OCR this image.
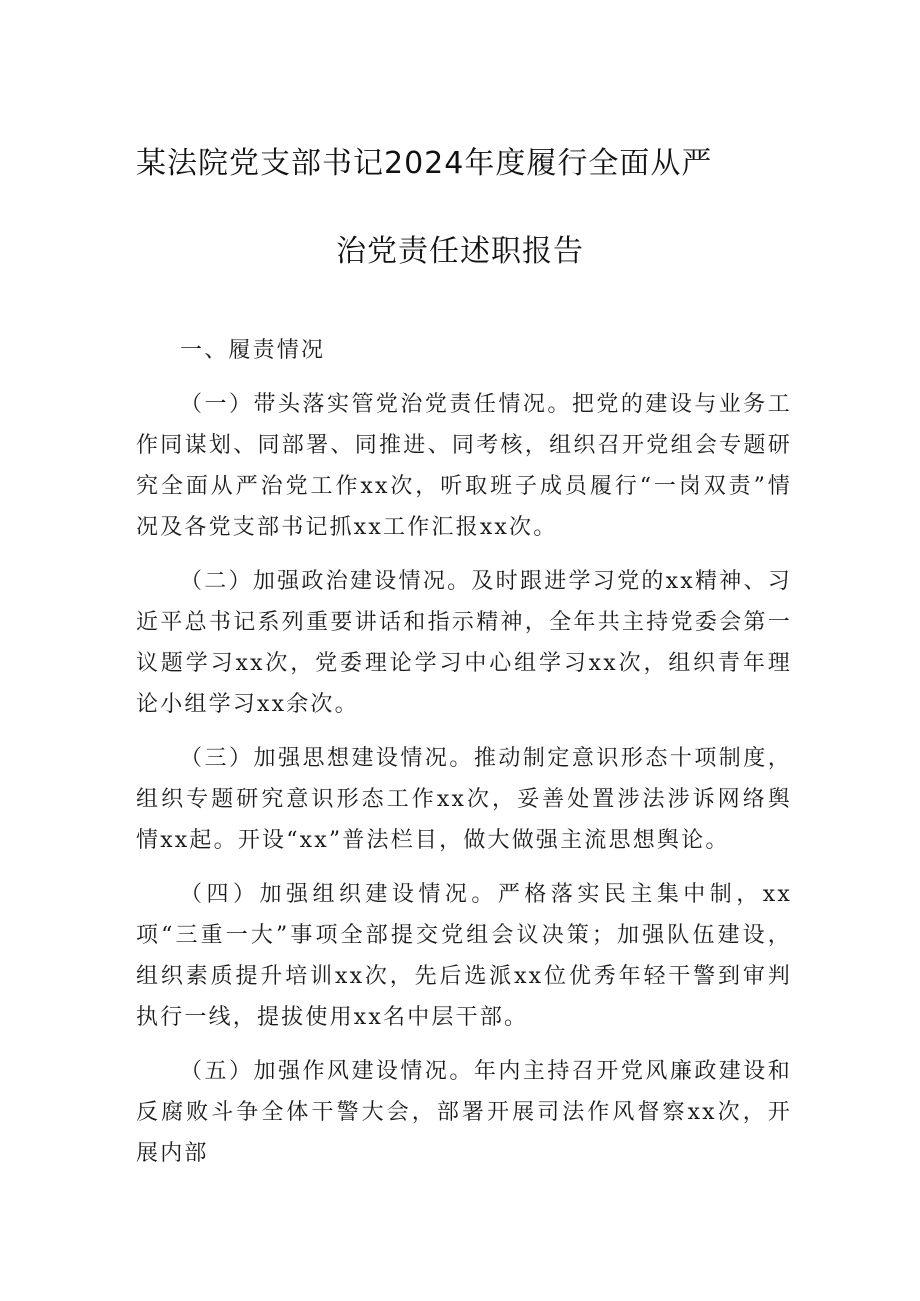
某法院党支部书记2024年度履行全面从严
治党责任述职报告

一、履责情况

（一）带头落实管党治党责任情况。把党的建设与业务工作同谋划、同部署、同推进、同考核，组织召开党组会专题研究全面从严治党工作xx次，听取班子成员履行“一岗双责”情况及各党支部书记抓xx工作汇报xx次。

（二）加强政治建设情况。及时跟进学习党的xx精神、习近平总书记系列重要讲话和指示精神，全年共主持党委会第一议题学习xx次，党委理论学习中心组学习xx次，组织青年理论小组学习xx余次。

（三）加强思想建设情况。推动制定意识形态十项制度，组织专题研究意识形态工作xx次，妥善处置涉法涉诉网络舆情xx起。开设“xx”普法栏目，做大做强主流思想舆论。

（四）加强组织建设情况。严格落实民主集中制，xx项“三重一大”事项全部提交党组会议决策；加强队伍建设，组织素质提升培训xx次，先后选派xx位优秀年轻干警到审判执行一线，提拔使用xx名中层干部。

（五）加强作风建设情况。年内主持召开党风廉政建设和反腐败斗争全体干警大会，部署开展司法作风督察xx次，开展内部
